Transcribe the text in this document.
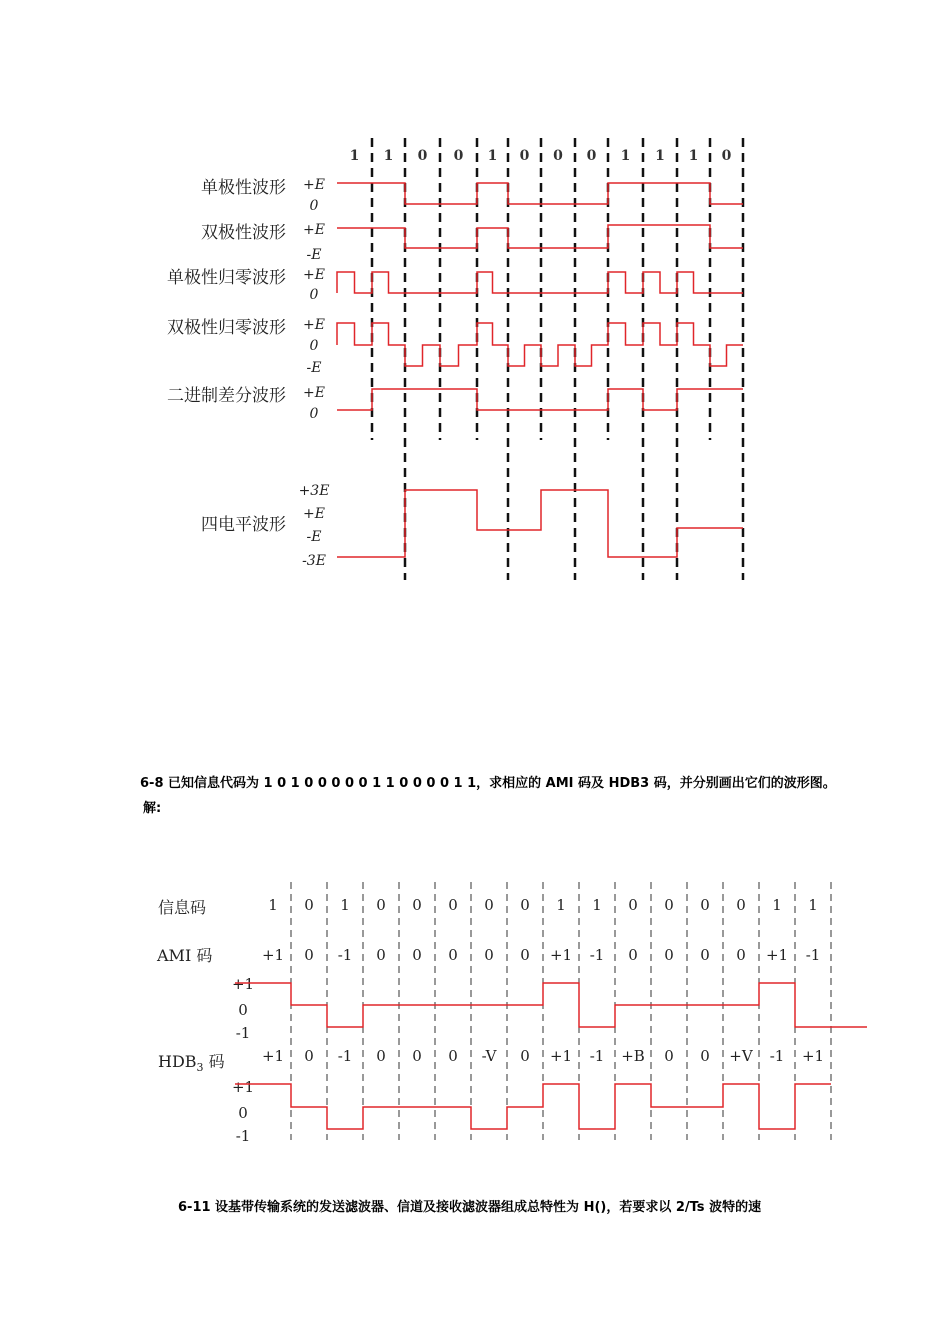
1 1 0 0 1 0 0 0 1 1 1 0
单极性波形 +E
0
双极性波形 +E
-E
单极性归零波形 +E
0
双极性归零波形 +E
0
-E
二进制差分波形 +E
0
四电平波形
+3E
+E
-E
-3E
6-8 已知信息代码为 1 0 1 0 0 0 0 0 1 1 0 0 0 0 1 1，求相应的 AMI 码及 HDB3 码，并分别画出它们的波形图。
解:
信息码
AMI 码
$HDB_3$ 码
1 0 1 0 0 0 0 0 1 1 0 0 0 0 1 1
+1 0 -1 0 0 0 0 0 +1 -1 0 0 0 0 +1 -1
+1 0 -1 0 0 0 -V 0 +1 -1 +B 0 0 +V -1 +1
+1
+1
0
0
-1
-1
6-11 设基带传输系统的发送滤波器、信道及接收滤波器组成总特性为 H()，若要求以 2/Ts 波特的速
